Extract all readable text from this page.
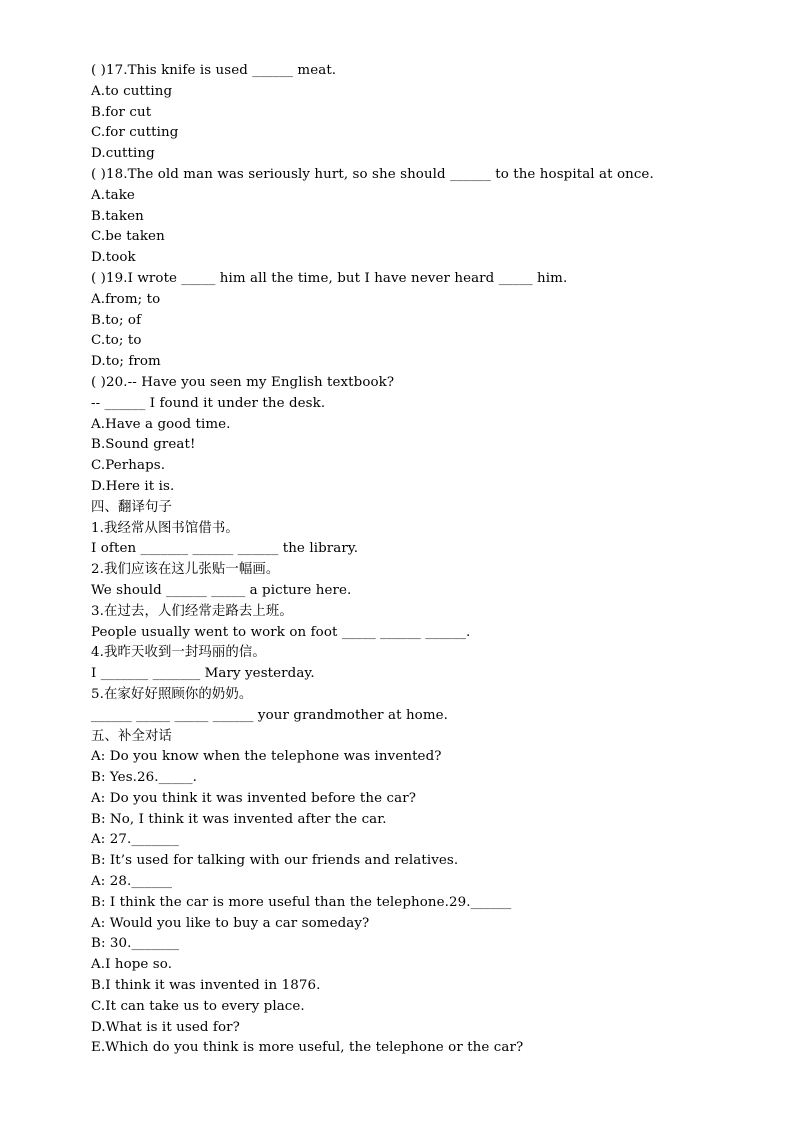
( )17.This knife is used ______ meat.
A.to cutting
B.for cut
C.for cutting
D.cutting
( )18.The old man was seriously hurt, so she should ______ to the hospital at once.
A.take
B.taken
C.be taken
D.took
( )19.I wrote _____ him all the time, but I have never heard _____ him.
A.from; to
B.to; of
C.to; to
D.to; from
( )20.-- Have you seen my English textbook?
-- ______ I found it under the desk.
A.Have a good time.
B.Sound great!
C.Perhaps.
D.Here it is.
四、翻译句子
1.我经常从图书馆借书。
I often _______ ______ ______ the library.
2.我们应该在这儿张贴一幅画。
We should ______ _____ a picture here.
3.在过去，人们经常走路去上班。
People usually went to work on foot _____ ______ ______.
4.我昨天收到一封玛丽的信。
I _______ _______ Mary yesterday.
5.在家好好照顾你的奶奶。
______ _____ _____ ______ your grandmother at home.
五、补全对话
A: Do you know when the telephone was invented?
B: Yes.26._____.
A: Do you think it was invented before the car?
B: No, I think it was invented after the car.
A: 27._______
B: It’s used for talking with our friends and relatives.
A: 28.______
B: I think the car is more useful than the telephone.29.______
A: Would you like to buy a car someday?
B: 30._______
A.I hope so.
B.I think it was invented in 1876.
C.It can take us to every place.
D.What is it used for?
E.Which do you think is more useful, the telephone or the car?
